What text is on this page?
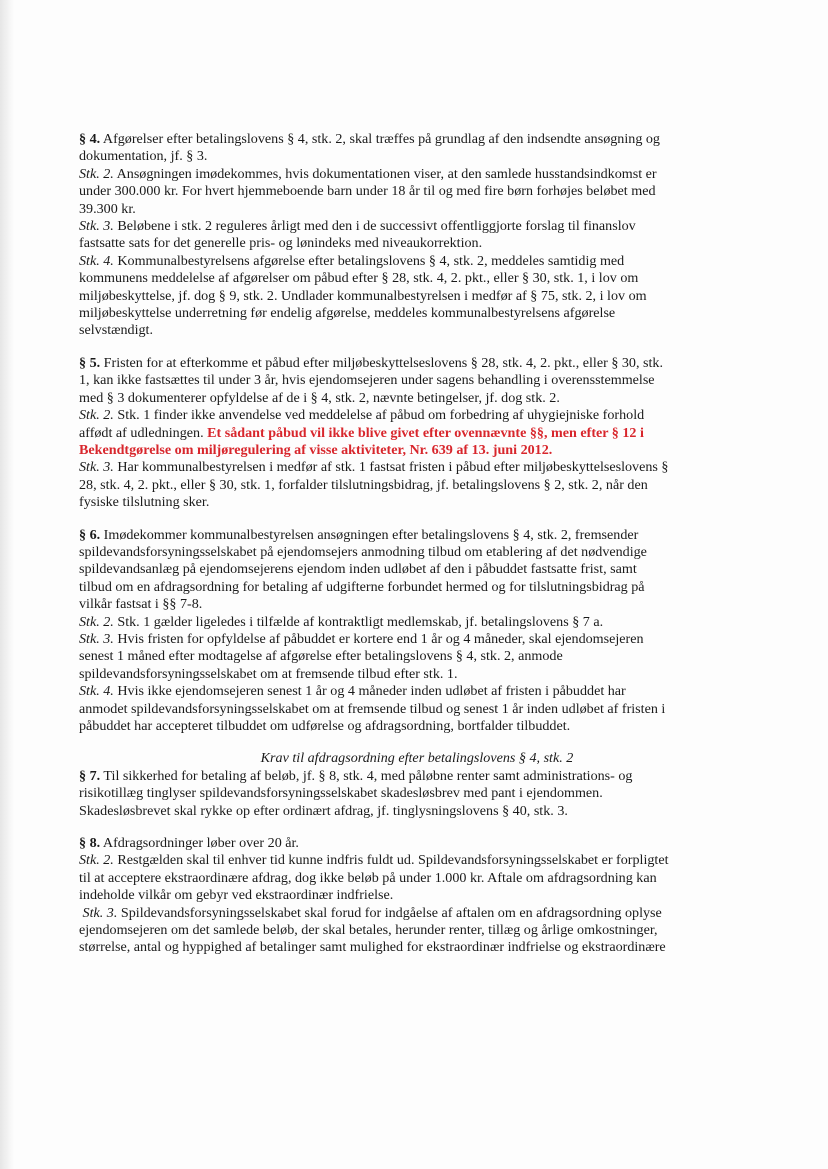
§ 4. Afgørelser efter betalingslovens § 4, stk. 2, skal træffes på grundlag af den indsendte ansøgning og
dokumentation, jf. § 3.
Stk. 2. Ansøgningen imødekommes, hvis dokumentationen viser, at den samlede husstandsindkomst er
under 300.000 kr. For hvert hjemmeboende barn under 18 år til og med fire børn forhøjes beløbet med
39.300 kr.
Stk. 3. Beløbene i stk. 2 reguleres årligt med den i de successivt offentliggjorte forslag til finanslov
fastsatte sats for det generelle pris- og lønindeks med niveaukorrektion.
Stk. 4. Kommunalbestyrelsens afgørelse efter betalingslovens § 4, stk. 2, meddeles samtidig med
kommunens meddelelse af afgørelser om påbud efter § 28, stk. 4, 2. pkt., eller § 30, stk. 1, i lov om
miljøbeskyttelse, jf. dog § 9, stk. 2. Undlader kommunalbestyrelsen i medfør af § 75, stk. 2, i lov om
miljøbeskyttelse underretning før endelig afgørelse, meddeles kommunalbestyrelsens afgørelse
selvstændigt.
§ 5. Fristen for at efterkomme et påbud efter miljøbeskyttelseslovens § 28, stk. 4, 2. pkt., eller § 30, stk.
1, kan ikke fastsættes til under 3 år, hvis ejendomsejeren under sagens behandling i overensstemmelse
med § 3 dokumenterer opfyldelse af de i § 4, stk. 2, nævnte betingelser, jf. dog stk. 2.
Stk. 2. Stk. 1 finder ikke anvendelse ved meddelelse af påbud om forbedring af uhygiejniske forhold
affødt af udledningen. Et sådant påbud vil ikke blive givet efter ovennævnte §§, men efter § 12 i
Bekendtgørelse om miljøregulering af visse aktiviteter, Nr. 639 af 13. juni 2012.
Stk. 3. Har kommunalbestyrelsen i medfør af stk. 1 fastsat fristen i påbud efter miljøbeskyttelseslovens §
28, stk. 4, 2. pkt., eller § 30, stk. 1, forfalder tilslutningsbidrag, jf. betalingslovens § 2, stk. 2, når den
fysiske tilslutning sker.
§ 6. Imødekommer kommunalbestyrelsen ansøgningen efter betalingslovens § 4, stk. 2, fremsender
spildevandsforsyningsselskabet på ejendomsejers anmodning tilbud om etablering af det nødvendige
spildevandsanlæg på ejendomsejerens ejendom inden udløbet af den i påbuddet fastsatte frist, samt
tilbud om en afdragsordning for betaling af udgifterne forbundet hermed og for tilslutningsbidrag på
vilkår fastsat i §§ 7-8.
Stk. 2. Stk. 1 gælder ligeledes i tilfælde af kontraktligt medlemskab, jf. betalingslovens § 7 a.
Stk. 3. Hvis fristen for opfyldelse af påbuddet er kortere end 1 år og 4 måneder, skal ejendomsejeren
senest 1 måned efter modtagelse af afgørelse efter betalingslovens § 4, stk. 2, anmode
spildevandsforsyningsselskabet om at fremsende tilbud efter stk. 1.
Stk. 4. Hvis ikke ejendomsejeren senest 1 år og 4 måneder inden udløbet af fristen i påbuddet har
anmodet spildevandsforsyningsselskabet om at fremsende tilbud og senest 1 år inden udløbet af fristen i
påbuddet har accepteret tilbuddet om udførelse og afdragsordning, bortfalder tilbuddet.
Krav til afdragsordning efter betalingslovens § 4, stk. 2
§ 7. Til sikkerhed for betaling af beløb, jf. § 8, stk. 4, med påløbne renter samt administrations- og
risikotillæg tinglyser spildevandsforsyningsselskabet skadesløsbrev med pant i ejendommen.
Skadesløsbrevet skal rykke op efter ordinært afdrag, jf. tinglysningslovens § 40, stk. 3.
§ 8. Afdragsordninger løber over 20 år.
Stk. 2. Restgælden skal til enhver tid kunne indfris fuldt ud. Spildevandsforsyningsselskabet er forpligtet
til at acceptere ekstraordinære afdrag, dog ikke beløb på under 1.000 kr. Aftale om afdragsordning kan
indeholde vilkår om gebyr ved ekstraordinær indfrielse.
Stk. 3. Spildevandsforsyningsselskabet skal forud for indgåelse af aftalen om en afdragsordning oplyse
ejendomsejeren om det samlede beløb, der skal betales, herunder renter, tillæg og årlige omkostninger,
størrelse, antal og hyppighed af betalinger samt mulighed for ekstraordinær indfrielse og ekstraordinære
